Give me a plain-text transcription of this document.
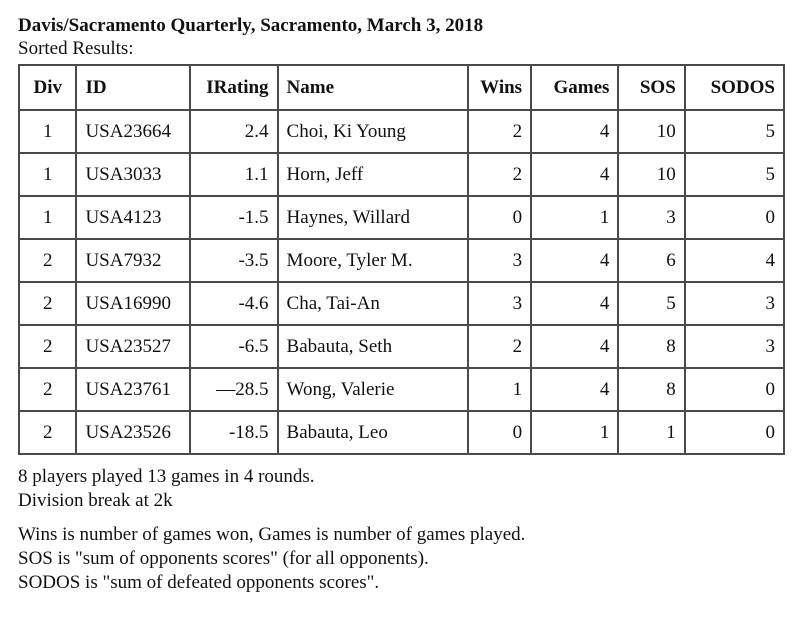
Davis/Sacramento Quarterly, Sacramento, March 3, 2018

Sorted Results:

Div	ID	IRating	Name	Wins	Games	SOS	SODOS
1	USA23664	2.4	Choi, Ki Young	2	4	10	5
1	USA3033	1.1	Horn, Jeff	2	4	10	5
1	USA4123	-1.5	Haynes, Willard	0	1	3	0
2	USA7932	-3.5	Moore, Tyler M.	3	4	6	4
2	USA16990	-4.6	Cha, Tai-An	3	4	5	3
2	USA23527	-6.5	Babauta, Seth	2	4	8	3
2	USA23761	—28.5	Wong, Valerie	1	4	8	0
2	USA23526	-18.5	Babauta, Leo	0	1	1	0

8 players played 13 games in 4 rounds.

Division break at 2k

Wins is number of games won, Games is number of games played.

SOS is "sum of opponents scores" (for all opponents).

SODOS is "sum of defeated opponents scores".
